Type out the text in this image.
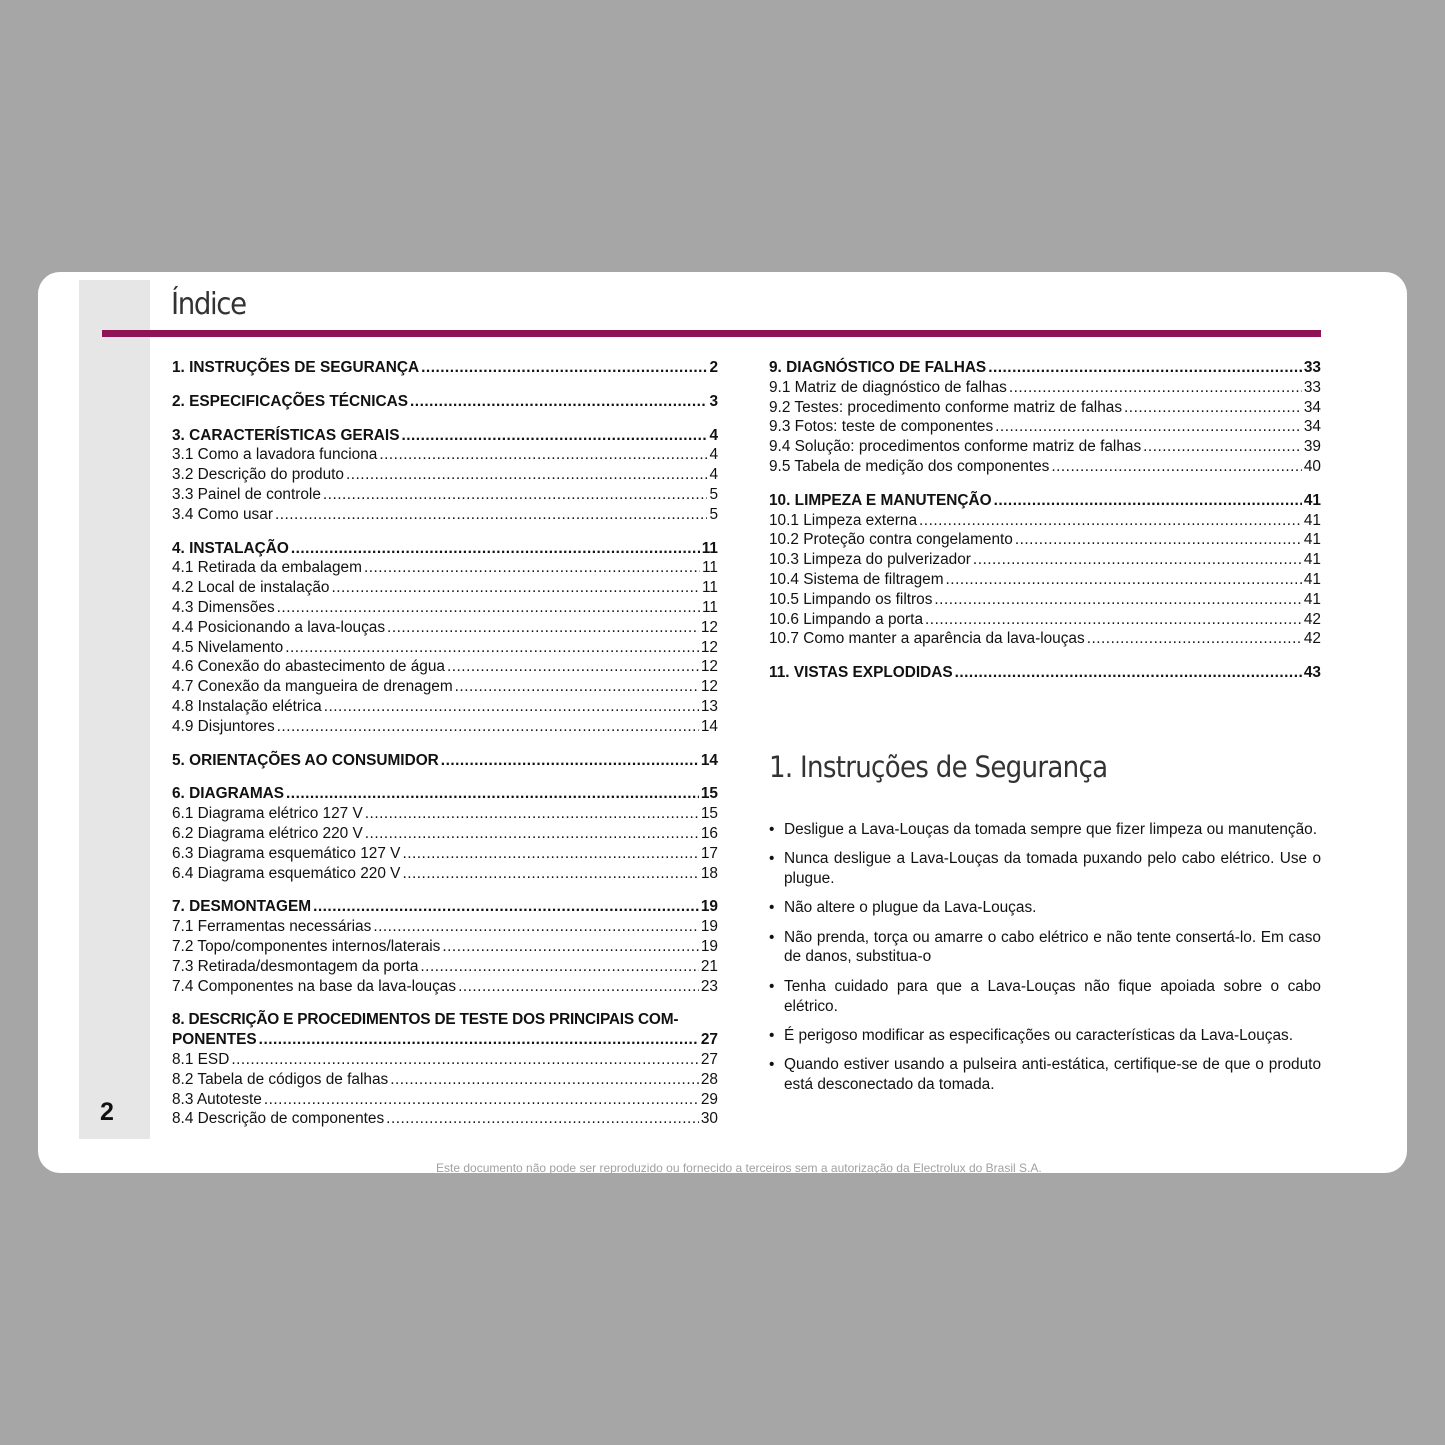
2
Índice
1. INSTRUÇÕES DE SEGURANÇA .....	2
2. ESPECIFICAÇÕES TÉCNICAS .....	3
3. CARACTERÍSTICAS GERAIS .....	4
3.1 Como a lavadora funciona .....	4
3.2 Descrição do produto .....	4
3.3 Painel de controle .....	5
3.4 Como usar .....	5
4. INSTALAÇÃO .....	11
4.1 Retirada da embalagem .....	11
4.2 Local de instalação .....	11
4.3 Dimensões .....	11
4.4 Posicionando a lava-louças .....	12
4.5 Nivelamento .....	12
4.6 Conexão do abastecimento de água .....	12
4.7 Conexão da mangueira de drenagem .....	12
4.8 Instalação elétrica .....	13
4.9 Disjuntores .....	14
5. ORIENTAÇÕES AO CONSUMIDOR .....	14
6. DIAGRAMAS .....	15
6.1 Diagrama elétrico 127 V .....	15
6.2 Diagrama elétrico 220 V .....	16
6.3 Diagrama esquemático 127 V .....	17
6.4 Diagrama esquemático 220 V .....	18
7. DESMONTAGEM .....	19
7.1 Ferramentas necessárias .....	19
7.2 Topo/componentes internos/laterais .....	19
7.3 Retirada/desmontagem da porta .....	21
7.4 Componentes na base da lava-louças .....	23
8. DESCRIÇÃO E PROCEDIMENTOS DE TESTE DOS PRINCIPAIS COM-
PONENTES .....	27
8.1 ESD .....	27
8.2 Tabela de códigos de falhas .....	28
8.3 Autoteste .....	29
8.4 Descrição de componentes .....	30
9. DIAGNÓSTICO DE FALHAS .....	33
9.1 Matriz de diagnóstico de falhas .....	33
9.2 Testes: procedimento conforme matriz de falhas .....	34
9.3 Fotos: teste de componentes .....	34
9.4 Solução: procedimentos conforme matriz de falhas .....	39
9.5 Tabela de medição dos componentes .....	40
10. LIMPEZA E MANUTENÇÃO .....	41
10.1 Limpeza externa .....	41
10.2 Proteção contra congelamento .....	41
10.3 Limpeza do pulverizador .....	41
10.4 Sistema de filtragem .....	41
10.5 Limpando os filtros .....	41
10.6 Limpando a porta .....	42
10.7 Como manter a aparência da lava-louças .....	42
11. VISTAS EXPLODIDAS .....	43
1. Instruções de Segurança
• Desligue a Lava-Louças da tomada sempre que fizer limpeza ou manutenção.
• Nunca desligue a Lava-Louças da tomada puxando pelo cabo elétrico. Use o plugue.
• Não altere o plugue da Lava-Louças.
• Não prenda, torça ou amarre o cabo elétrico e não tente consertá-lo. Em caso de danos, substitua-o
• Tenha cuidado para que a Lava-Louças não fique apoiada sobre o cabo elétrico.
• É perigoso modificar as especificações ou características da Lava-Louças.
• Quando estiver usando a pulseira anti-estática, certifique-se de que o produto está desconectado da tomada.
Este documento não pode ser reproduzido ou fornecido a terceiros sem a autorização da Electrolux do Brasil S.A.
